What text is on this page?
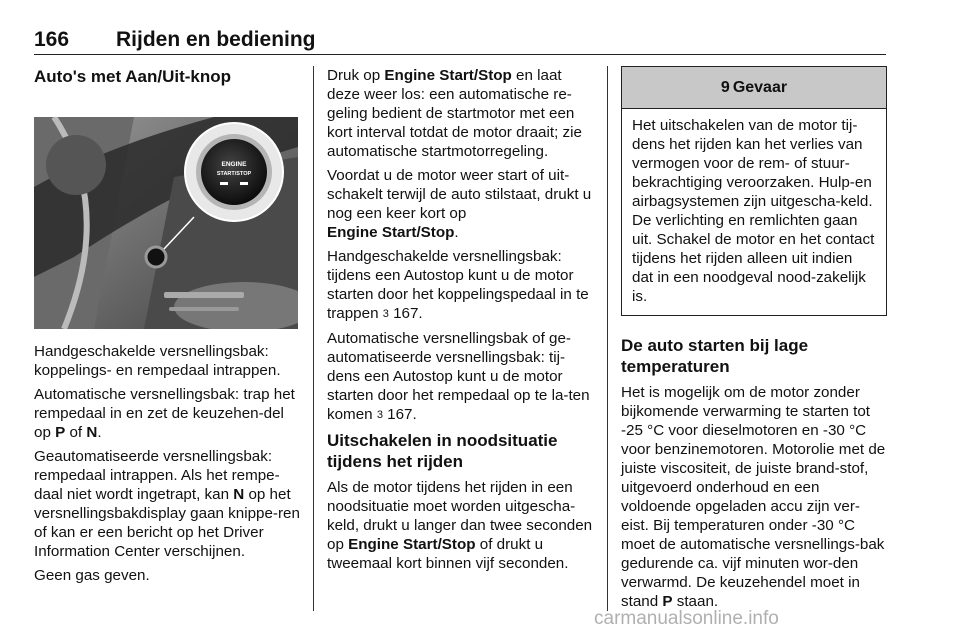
166 Rijden en bediening
Auto's met Aan/Uit-knop
ENGINE
START/STOP

Handgeschakelde versnellingsbak: koppelings- en rempedaal intrappen.

Automatische versnellingsbak: trap het rempedaal in en zet de keuzehen-del op P of N.

Geautomatiseerde versnellingsbak: rempedaal intrappen. Als het rempe-daal niet wordt ingetrapt, kan N op het versnellingsbakdisplay gaan knippe-ren of kan er een bericht op het Driver Information Center verschijnen.

Geen gas geven.

Druk op Engine Start/Stop en laat deze weer los: een automatische re-geling bedient de startmotor met een kort interval totdat de motor draait; zie automatische startmotorregeling.

Voordat u de motor weer start of uit-schakelt terwijl de auto stilstaat, drukt u nog een keer kort op
Engine Start/Stop.

Handgeschakelde versnellingsbak: tijdens een Autostop kunt u de motor starten door het koppelingspedaal in te trappen 3 167.

Automatische versnellingsbak of ge-automatiseerde versnellingsbak: tij-dens een Autostop kunt u de motor starten door het rempedaal op te la-ten komen 3 167.

Uitschakelen in noodsituatie tijdens het rijden

Als de motor tijdens het rijden in een noodsituatie moet worden uitgescha-keld, drukt u langer dan twee seconden op Engine Start/Stop of drukt u tweemaal kort binnen vijf seconden.

9 Gevaar
Het uitschakelen van de motor tij-dens het rijden kan het verlies van vermogen voor de rem- of stuur-bekrachtiging veroorzaken. Hulp-en airbagsystemen zijn uitgescha-keld. De verlichting en remlichten gaan uit. Schakel de motor en het contact tijdens het rijden alleen uit indien dat in een noodgeval nood-zakelijk is.
De auto starten bij lage temperaturen

Het is mogelijk om de motor zonder bijkomende verwarming te starten tot -25 °C voor dieselmotoren en -30 °C voor benzinemotoren. Motorolie met de juiste viscositeit, de juiste brand-stof, uitgevoerd onderhoud en een voldoende opgeladen accu zijn ver-eist. Bij temperaturen onder -30 °C moet de automatische versnellings-bak gedurende ca. vijf minuten wor-den verwarmd. De keuzehendel moet in stand P staan.

carmanualsonline.info
